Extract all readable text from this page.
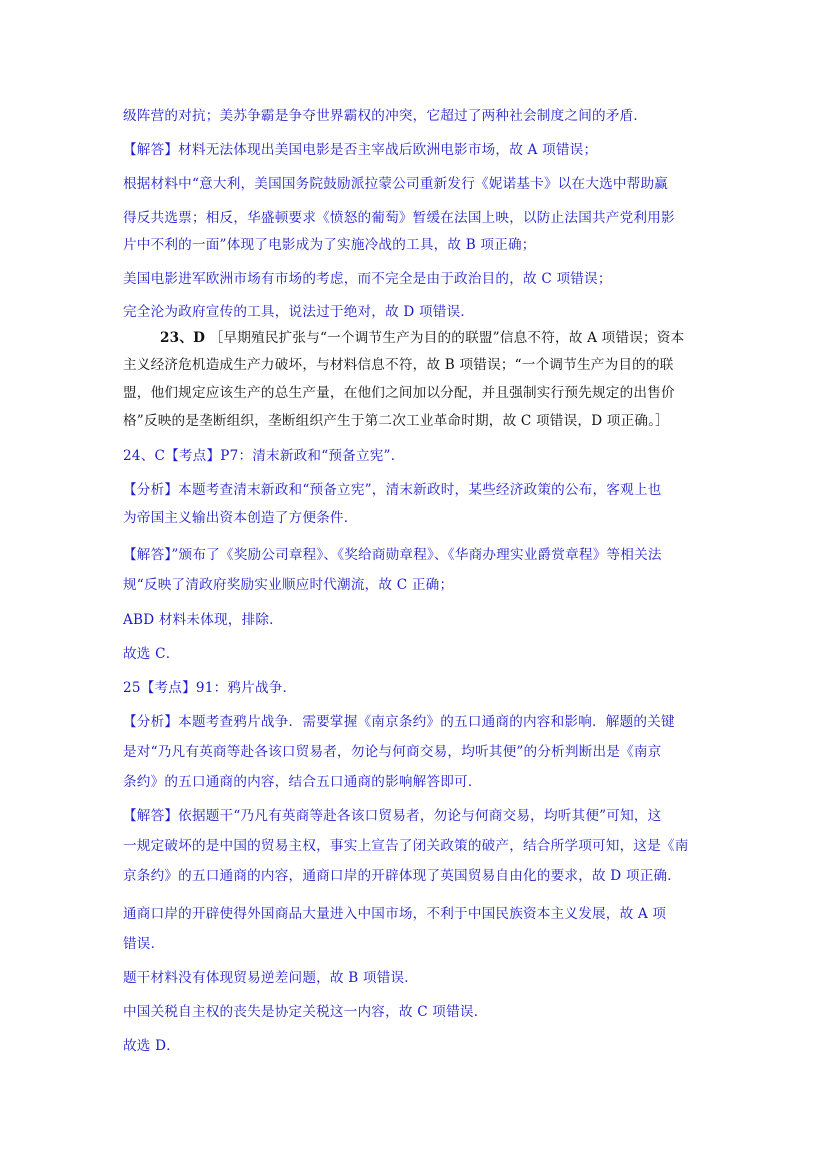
级阵营的对抗；美苏争霸是争夺世界霸权的冲突，它超过了两种社会制度之间的矛盾．
【解答】材料无法体现出美国电影是否主宰战后欧洲电影市场，故 A 项错误；
根据材料中“意大利，美国国务院鼓励派拉蒙公司重新发行《妮诺基卡》以在大选中帮助赢
得反共选票；相反，华盛顿要求《愤怒的葡萄》暂缓在法国上映，以防止法国共产党利用影
片中不利的一面”体现了电影成为了实施冷战的工具，故 B 项正确；
美国电影进军欧洲市场有市场的考虑，而不完全是由于政治目的，故 C 项错误；
完全沦为政府宣传的工具，说法过于绝对，故 D 项错误．
23、D ［早期殖民扩张与“一个调节生产为目的的联盟”信息不符，故 A 项错误；资本
主义经济危机造成生产力破坏，与材料信息不符，故 B 项错误；“一个调节生产为目的的联
盟，他们规定应该生产的总生产量，在他们之间加以分配，并且强制实行预先规定的出售价
格”反映的是垄断组织，垄断组织产生于第二次工业革命时期，故 C 项错误，D 项正确。］
24、C【考点】P7：清末新政和“预备立宪”．
【分析】本题考查清末新政和“预备立宪”，清末新政时，某些经济政策的公布，客观上也
为帝国主义输出资本创造了方便条件．
【解答】”颁布了《奖励公司章程》、《奖给商勋章程》、《华商办理实业爵赏章程》等相关法
规“反映了清政府奖励实业顺应时代潮流，故 C 正确；
ABD 材料未体现，排除．
故选 C．
25【考点】91：鸦片战争．
【分析】本题考查鸦片战争．需要掌握《南京条约》的五口通商的内容和影响．解题的关键
是对“乃凡有英商等赴各该口贸易者，勿论与何商交易，均听其便”的分析判断出是《南京
条约》的五口通商的内容，结合五口通商的影响解答即可．
【解答】依据题干“乃凡有英商等赴各该口贸易者，勿论与何商交易，均听其便”可知，这
一规定破坏的是中国的贸易主权，事实上宣告了闭关政策的破产，结合所学项可知，这是《南
京条约》的五口通商的内容，通商口岸的开辟体现了英国贸易自由化的要求，故 D 项正确．
通商口岸的开辟使得外国商品大量进入中国市场，不利于中国民族资本主义发展，故 A 项
错误．
题干材料没有体现贸易逆差问题，故 B 项错误．
中国关税自主权的丧失是协定关税这一内容，故 C 项错误．
故选 D．
